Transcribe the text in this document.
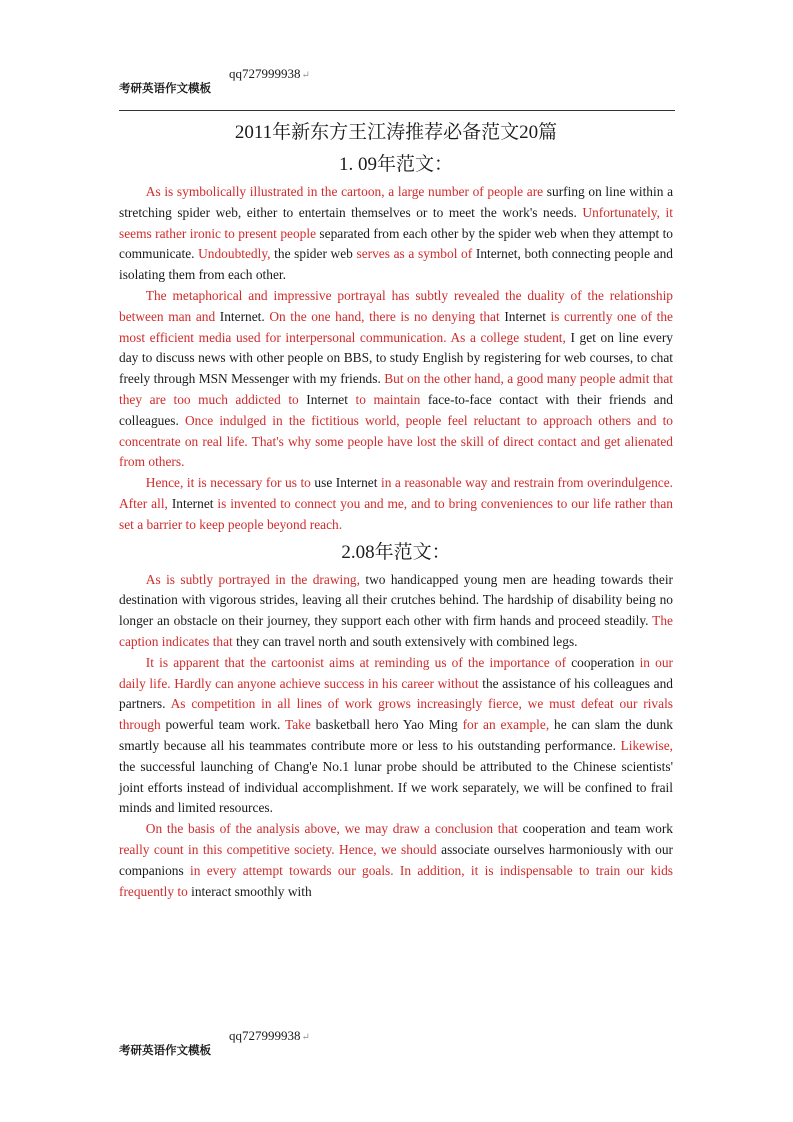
qq727999938↵
考研英语作文模板
2011年新东方王江涛推荐必备范文20篇
1. 09年范文：

As is symbolically illustrated in the cartoon, a large number of people are surfing on line within a stretching spider web, either to entertain themselves or to meet the work's needs. Unfortunately, it seems rather ironic to present people separated from each other by the spider web when they attempt to communicate. Undoubtedly, the spider web serves as a symbol of Internet, both connecting people and isolating them from each other.

The metaphorical and impressive portrayal has subtly revealed the duality of the relationship between man and Internet. On the one hand, there is no denying that Internet is currently one of the most efficient media used for interpersonal communication. As a college student, I get on line every day to discuss news with other people on BBS, to study English by registering for web courses, to chat freely through MSN Messenger with my friends. But on the other hand, a good many people admit that they are too much addicted to Internet to maintain face-to-face contact with their friends and colleagues. Once indulged in the fictitious world, people feel reluctant to approach others and to concentrate on real life. That's why some people have lost the skill of direct contact and get alienated from others.

Hence, it is necessary for us to use Internet in a reasonable way and restrain from overindulgence. After all, Internet is invented to connect you and me, and to bring conveniences to our life rather than set a barrier to keep people beyond reach.

2.08年范文：

As is subtly portrayed in the drawing, two handicapped young men are heading towards their destination with vigorous strides, leaving all their crutches behind. The hardship of disability being no longer an obstacle on their journey, they support each other with firm hands and proceed steadily. The caption indicates that they can travel north and south extensively with combined legs.

It is apparent that the cartoonist aims at reminding us of the importance of cooperation in our daily life. Hardly can anyone achieve success in his career without the assistance of his colleagues and partners. As competition in all lines of work grows increasingly fierce, we must defeat our rivals through powerful team work. Take basketball hero Yao Ming for an example, he can slam the dunk smartly because all his teammates contribute more or less to his outstanding performance. Likewise, the successful launching of Chang'e No.1 lunar probe should be attributed to the Chinese scientists' joint efforts instead of individual accomplishment. If we work separately, we will be confined to frail minds and limited resources.

On the basis of the analysis above, we may draw a conclusion that cooperation and team work really count in this competitive society. Hence, we should associate ourselves harmoniously with our companions in every attempt towards our goals. In addition, it is indispensable to train our kids frequently to interact smoothly with

qq727999938↵
考研英语作文模板
